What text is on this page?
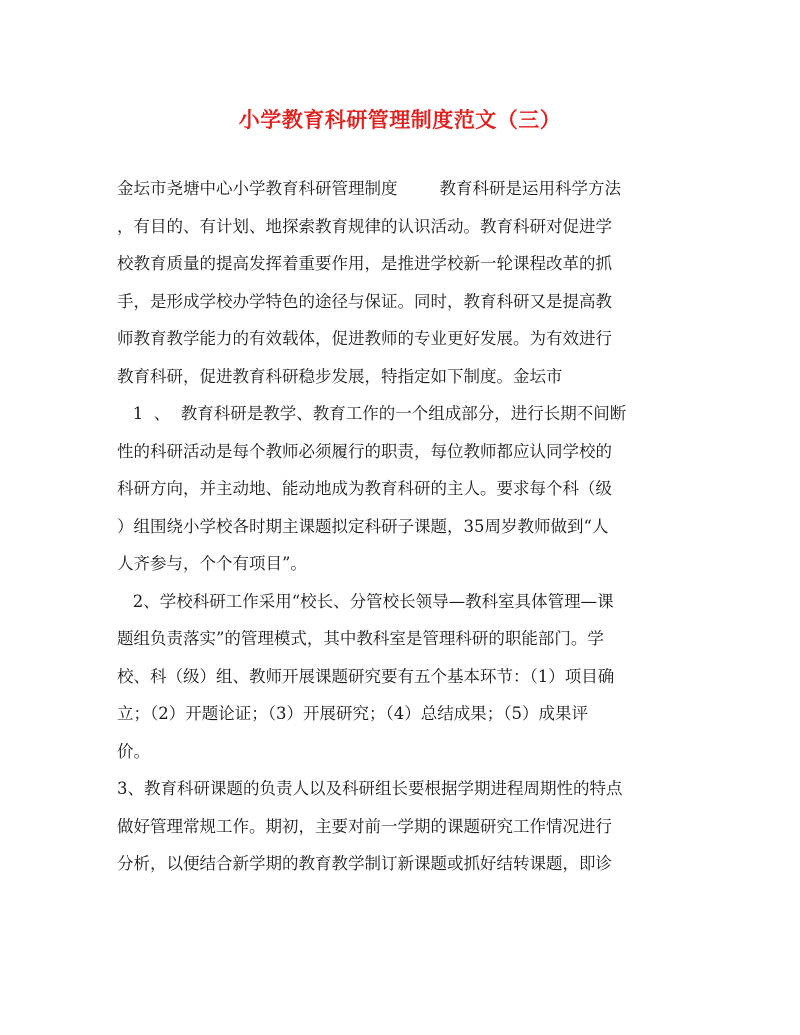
小学教育科研管理制度范文（三）
金坛市尧塘中心小学教育科研管理制度        教育科研是运用科学方法
，有目的、有计划、地探索教育规律的认识活动。教育科研对促进学
校教育质量的提高发挥着重要作用，是推进学校新一轮课程改革的抓
手，是形成学校办学特色的途径与保证。同时，教育科研又是提高教
师教育教学能力的有效载体，促进教师的专业更好发展。为有效进行
教育科研，促进教育科研稳步发展，特指定如下制度。金坛市
1  、  教育科研是教学、教育工作的一个组成部分，进行长期不间断
性的科研活动是每个教师必须履行的职责，每位教师都应认同学校的
科研方向，并主动地、能动地成为教育科研的主人。要求每个科（级
）组围绕小学校各时期主课题拟定科研子课题，35周岁教师做到“人
人齐参与，个个有项目”。
2、学校科研工作采用“校长、分管校长领导—教科室具体管理—课
题组负责落实”的管理模式，其中教科室是管理科研的职能部门。学
校、科（级）组、教师开展课题研究要有五个基本环节：（1）项目确
立；（2）开题论证；（3）开展研究；（4）总结成果；（5）成果评
价。
3、教育科研课题的负责人以及科研组长要根据学期进程周期性的特点
做好管理常规工作。期初，主要对前一学期的课题研究工作情况进行
分析，以便结合新学期的教育教学制订新课题或抓好结转课题，即诊
